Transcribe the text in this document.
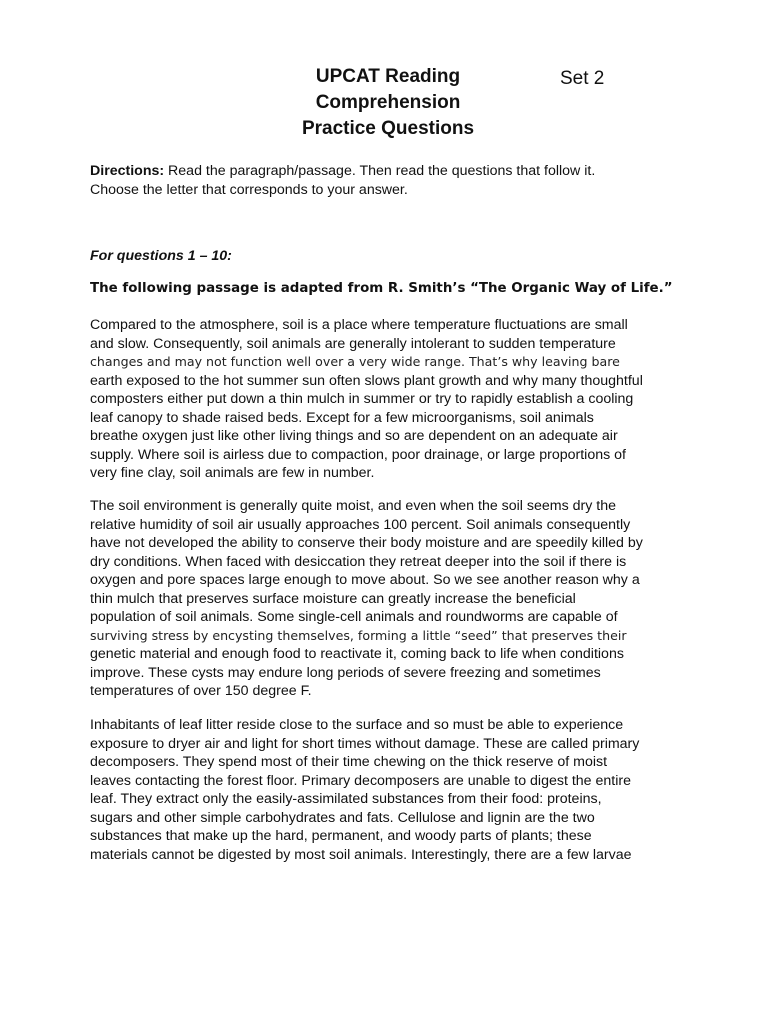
UPCAT Reading
Comprehension
Practice Questions
Set 2
Directions: Read the paragraph/passage. Then read the questions that follow it.
Choose the letter that corresponds to your answer.
For questions 1 – 10:
The following passage is adapted from R. Smith’s “The Organic Way of Life.”
Compared to the atmosphere, soil is a place where temperature fluctuations are small
and slow. Consequently, soil animals are generally intolerant to sudden temperature
changes and may not function well over a very wide range. That’s why leaving bare
earth exposed to the hot summer sun often slows plant growth and why many thoughtful
composters either put down a thin mulch in summer or try to rapidly establish a cooling
leaf canopy to shade raised beds. Except for a few microorganisms, soil animals
breathe oxygen just like other living things and so are dependent on an adequate air
supply. Where soil is airless due to compaction, poor drainage, or large proportions of
very fine clay, soil animals are few in number.
The soil environment is generally quite moist, and even when the soil seems dry the
relative humidity of soil air usually approaches 100 percent. Soil animals consequently
have not developed the ability to conserve their body moisture and are speedily killed by
dry conditions. When faced with desiccation they retreat deeper into the soil if there is
oxygen and pore spaces large enough to move about. So we see another reason why a
thin mulch that preserves surface moisture can greatly increase the beneficial
population of soil animals. Some single-cell animals and roundworms are capable of
surviving stress by encysting themselves, forming a little “seed” that preserves their
genetic material and enough food to reactivate it, coming back to life when conditions
improve. These cysts may endure long periods of severe freezing and sometimes
temperatures of over 150 degree F.
Inhabitants of leaf litter reside close to the surface and so must be able to experience
exposure to dryer air and light for short times without damage. These are called primary
decomposers. They spend most of their time chewing on the thick reserve of moist
leaves contacting the forest floor. Primary decomposers are unable to digest the entire
leaf. They extract only the easily-assimilated substances from their food: proteins,
sugars and other simple carbohydrates and fats. Cellulose and lignin are the two
substances that make up the hard, permanent, and woody parts of plants; these
materials cannot be digested by most soil animals. Interestingly, there are a few larvae
